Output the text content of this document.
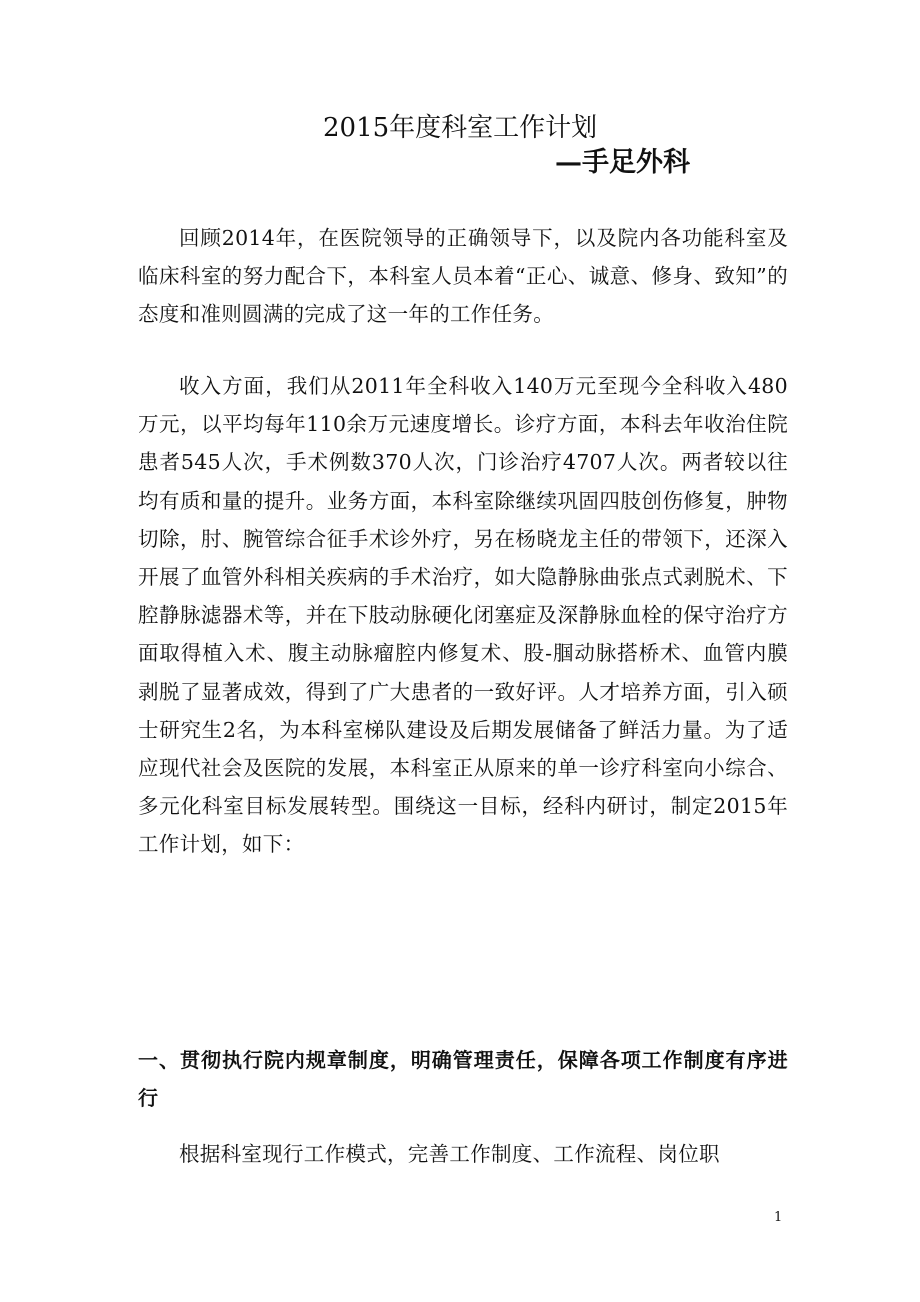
2015年度科室工作计划
—手足外科

回顾2014年，在医院领导的正确领导下，以及院内各功能科室及临床科室的努力配合下，本科室人员本着“正心、诚意、修身、致知”的态度和准则圆满的完成了这一年的工作任务。

收入方面，我们从2011年全科收入140万元至现今全科收入480万元，以平均每年110余万元速度增长。诊疗方面，本科去年收治住院患者545人次，手术例数370人次，门诊治疗4707人次。两者较以往均有质和量的提升。业务方面，本科室除继续巩固四肢创伤修复，肿物切除，肘、腕管综合征手术诊外疗，另在杨晓龙主任的带领下，还深入开展了血管外科相关疾病的手术治疗，如大隐静脉曲张点式剥脱术、下腔静脉滤器术等，并在下肢动脉硬化闭塞症及深静脉血栓的保守治疗方面取得植入术、腹主动脉瘤腔内修复术、股-腘动脉搭桥术、血管内膜剥脱了显著成效，得到了广大患者的一致好评。人才培养方面，引入硕士研究生2名，为本科室梯队建设及后期发展储备了鲜活力量。为了适应现代社会及医院的发展，本科室正从原来的单一诊疗科室向小综合、多元化科室目标发展转型。围绕这一目标，经科内研讨，制定2015年工作计划，如下：

一、贯彻执行院内规章制度，明确管理责任，保障各项工作制度有序进行

根据科室现行工作模式，完善工作制度、工作流程、岗位职

1
